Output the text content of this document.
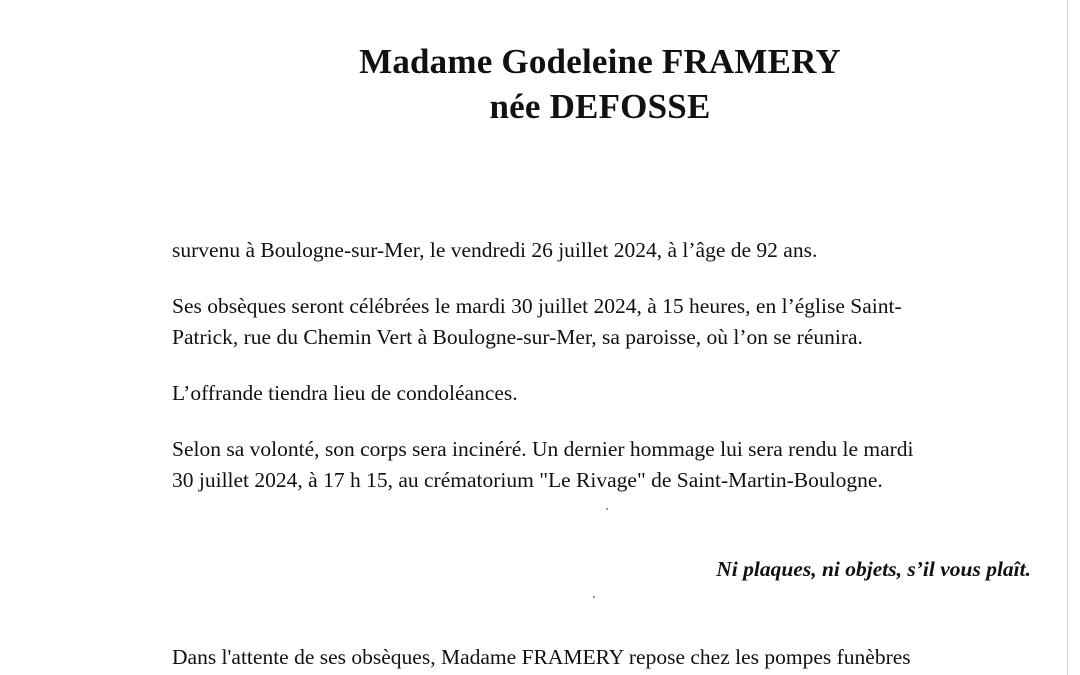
Madame Godeleine FRAMERY
née DEFOSSE
survenu à Boulogne-sur-Mer, le vendredi 26 juillet 2024, à l’âge de 92 ans.
Ses obsèques seront célébrées le mardi 30 juillet 2024, à 15 heures, en l’église Saint-
Patrick, rue du Chemin Vert à Boulogne-sur-Mer, sa paroisse, où l’on se réunira.
L’offrande tiendra lieu de condoléances.
Selon sa volonté, son corps sera incinéré. Un dernier hommage lui sera rendu le mardi
30 juillet 2024, à 17 h 15, au crématorium "Le Rivage" de Saint-Martin-Boulogne.
Ni plaques, ni objets, s’il vous plaît.
Dans l'attente de ses obsèques, Madame FRAMERY repose chez les pompes funèbres
